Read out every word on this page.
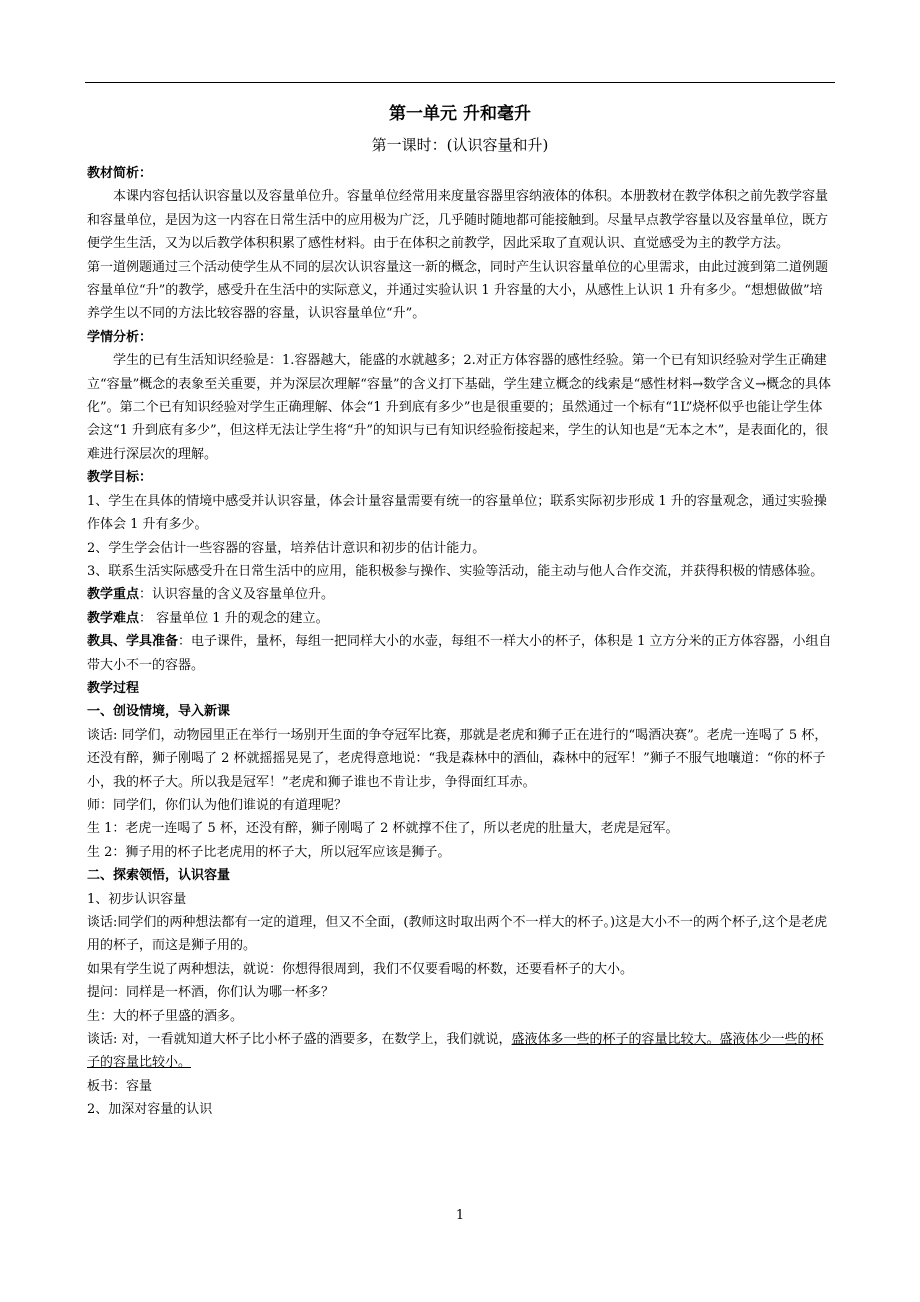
第一单元 升和毫升

第一课时：(认识容量和升)

教材简析：

本课内容包括认识容量以及容量单位升。容量单位经常用来度量容器里容纳液体的体积。本册教材在教学体积之前先教学容量和容量单位，是因为这一内容在日常生活中的应用极为广泛，几乎随时随地都可能接触到。尽量早点教学容量以及容量单位，既方便学生生活，又为以后教学体积积累了感性材料。由于在体积之前教学，因此采取了直观认识、直觉感受为主的教学方法。

第一道例题通过三个活动使学生从不同的层次认识容量这一新的概念，同时产生认识容量单位的心里需求，由此过渡到第二道例题容量单位“升”的教学，感受升在生活中的实际意义，并通过实验认识 1 升容量的大小，从感性上认识 1 升有多少。“想想做做”培养学生以不同的方法比较容器的容量，认识容量单位“升”。

学情分析：

学生的已有生活知识经验是：1.容器越大，能盛的水就越多；2.对正方体容器的感性经验。第一个已有知识经验对学生正确建立“容量”概念的表象至关重要，并为深层次理解“容量”的含义打下基础，学生建立概念的线索是“感性材料→数学含义→概念的具体化”。第二个已有知识经验对学生正确理解、体会“1 升到底有多少”也是很重要的；虽然通过一个标有“1L”烧杯似乎也能让学生体会这“1 升到底有多少”，但这样无法让学生将“升”的知识与已有知识经验衔接起来，学生的认知也是“无本之木”，是表面化的，很难进行深层次的理解。

教学目标：

1、学生在具体的情境中感受并认识容量，体会计量容量需要有统一的容量单位；联系实际初步形成 1 升的容量观念，通过实验操作体会 1 升有多少。

2、学生学会估计一些容器的容量，培养估计意识和初步的估计能力。

3、联系生活实际感受升在日常生活中的应用，能积极参与操作、实验等活动，能主动与他人合作交流，并获得积极的情感体验。

教学重点：认识容量的含义及容量单位升。

教学难点： 容量单位 1 升的观念的建立。

教具、学具准备：电子课件，量杯，每组一把同样大小的水壶，每组不一样大小的杯子，体积是 1 立方分米的正方体容器，小组自带大小不一的容器。

教学过程

一、创设情境，导入新课

谈话: 同学们，动物园里正在举行一场别开生面的争夺冠军比赛，那就是老虎和狮子正在进行的“喝酒决赛”。老虎一连喝了 5 杯，还没有醉，狮子刚喝了 2 杯就摇摇晃晃了，老虎得意地说：“我是森林中的酒仙，森林中的冠军！”狮子不服气地嚷道：“你的杯子小，我的杯子大。所以我是冠军！”老虎和狮子谁也不肯让步，争得面红耳赤。

师：同学们，你们认为他们谁说的有道理呢？

生 1：老虎一连喝了 5 杯，还没有醉，狮子刚喝了 2 杯就撑不住了，所以老虎的肚量大，老虎是冠军。

生 2：狮子用的杯子比老虎用的杯子大，所以冠军应该是狮子。

二、探索领悟，认识容量

1、初步认识容量

谈话:同学们的两种想法都有一定的道理，但又不全面，(教师这时取出两个不一样大的杯子。)这是大小不一的两个杯子,这个是老虎用的杯子，而这是狮子用的。

如果有学生说了两种想法，就说：你想得很周到，我们不仅要看喝的杯数，还要看杯子的大小。

提问：同样是一杯酒，你们认为哪一杯多？

生：大的杯子里盛的酒多。

谈话: 对，一看就知道大杯子比小杯子盛的酒要多，在数学上，我们就说，盛液体多一些的杯子的容量比较大。盛液体少一些的杯子的容量比较小。

板书：容量

2、加深对容量的认识

1
